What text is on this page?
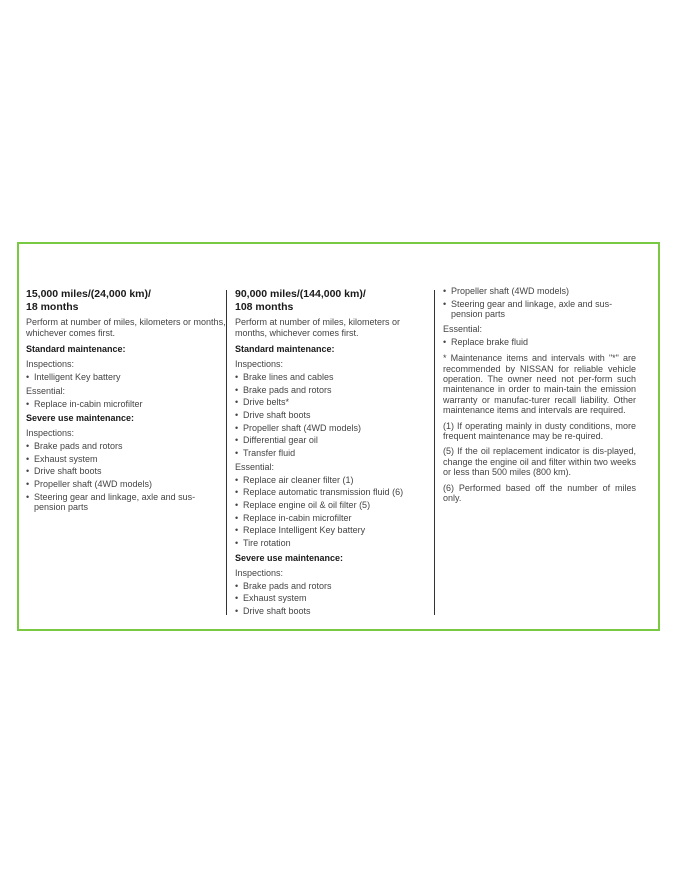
15,000 miles/(24,000 km)/
18 months

Perform at number of miles, kilometers or months, whichever comes first.

Standard maintenance:
Inspections:
• Intelligent Key battery
Essential:
• Replace in-cabin microfilter
Severe use maintenance:
Inspections:
• Brake pads and rotors
• Exhaust system
• Drive shaft boots
• Propeller shaft (4WD models)
• Steering gear and linkage, axle and sus-pension parts
90,000 miles/(144,000 km)/
108 months

Perform at number of miles, kilometers or months, whichever comes first.

Standard maintenance:
Inspections:
• Brake lines and cables
• Brake pads and rotors
• Drive belts*
• Drive shaft boots
• Propeller shaft (4WD models)
• Differential gear oil
• Transfer fluid
Essential:
• Replace air cleaner filter (1)
• Replace automatic transmission fluid (6)
• Replace engine oil & oil filter (5)
• Replace in-cabin microfilter
• Replace Intelligent Key battery
• Tire rotation
Severe use maintenance:
Inspections:
• Brake pads and rotors
• Exhaust system
• Drive shaft boots
• Propeller shaft (4WD models)
• Steering gear and linkage, axle and sus-pension parts
Essential:
• Replace brake fluid

* Maintenance items and intervals with "*" are recommended by NISSAN for reliable vehicle operation. The owner need not per-form such maintenance in order to main-tain the emission warranty or manufac-turer recall liability. Other maintenance items and intervals are required.

(1) If operating mainly in dusty conditions, more frequent maintenance may be re-quired.

(5) If the oil replacement indicator is dis-played, change the engine oil and filter within two weeks or less than 500 miles (800 km).

(6) Performed based off the number of miles only.
